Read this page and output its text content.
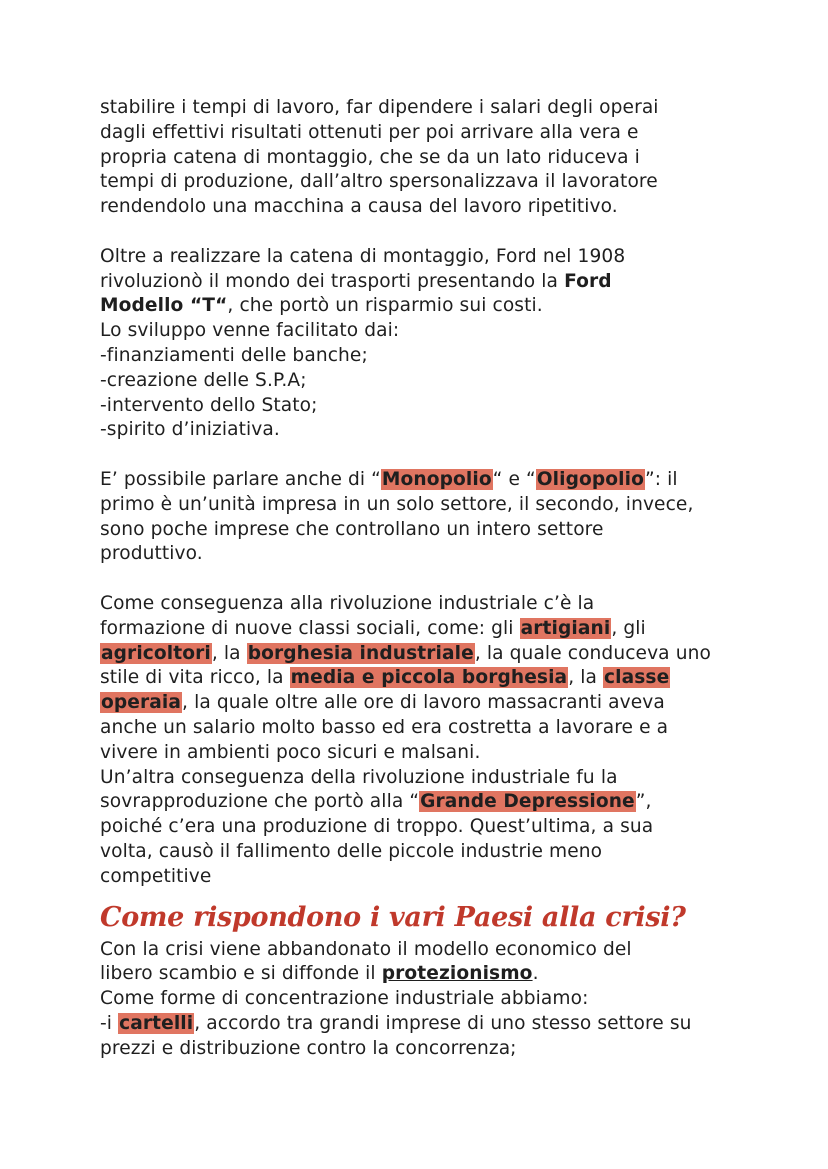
stabilire i tempi di lavoro, far dipendere i salari degli operai
dagli effettivi risultati ottenuti per poi arrivare alla vera e
propria catena di montaggio, che se da un lato riduceva i
tempi di produzione, dall’altro spersonalizzava il lavoratore
rendendolo una macchina a causa del lavoro ripetitivo.
Oltre a realizzare la catena di montaggio, Ford nel 1908
rivoluzionò il mondo dei trasporti presentando la Ford
Modello “T“, che portò un risparmio sui costi.
Lo sviluppo venne facilitato dai:
-finanziamenti delle banche;
-creazione delle S.P.A;
-intervento dello Stato;
-spirito d’iniziativa.
E’ possibile parlare anche di “Monopolio“ e “Oligopolio”: il
primo è un’unità impresa in un solo settore, il secondo, invece,
sono poche imprese che controllano un intero settore
produttivo.
Come conseguenza alla rivoluzione industriale c’è la
formazione di nuove classi sociali, come: gli artigiani, gli
agricoltori, la borghesia industriale, la quale conduceva uno
stile di vita ricco, la media e piccola borghesia, la classe
operaia, la quale oltre alle ore di lavoro massacranti aveva
anche un salario molto basso ed era costretta a lavorare e a
vivere in ambienti poco sicuri e malsani.
Un’altra conseguenza della rivoluzione industriale fu la
sovrapproduzione che portò alla “Grande Depressione”,
poiché c’era una produzione di troppo. Quest’ultima, a sua
volta, causò il fallimento delle piccole industrie meno
competitive
Come rispondono i vari Paesi alla crisi?
Con la crisi viene abbandonato il modello economico del
libero scambio e si diffonde il protezionismo.
Come forme di concentrazione industriale abbiamo:
-i cartelli, accordo tra grandi imprese di uno stesso settore su
prezzi e distribuzione contro la concorrenza;
